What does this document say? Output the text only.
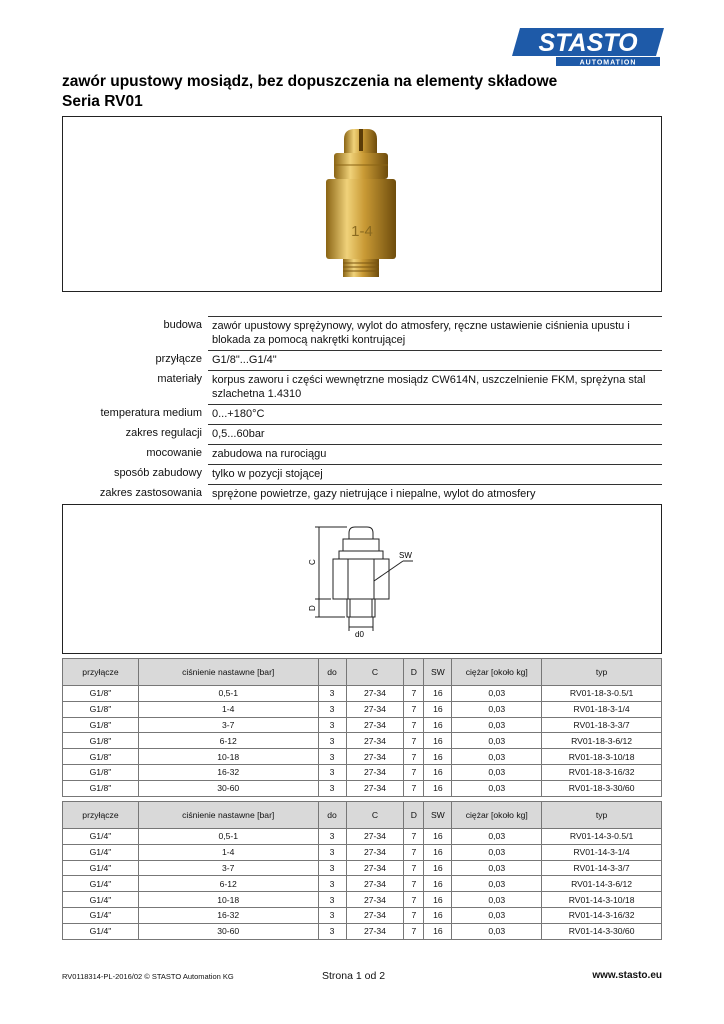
STASTO
AUTOMATION
zawór upustowy mosiądz, bez dopuszczenia na elementy składowe
Seria RV01
1-4
budowa zawór upustowy sprężynowy, wylot do atmosfery, ręczne ustawienie ciśnienia upustu i blokada za pomocą nakrętki kontrującej
przyłącze G1/8"...G1/4"
materiały korpus zaworu i części wewnętrzne mosiądz CW614N, uszczelnienie FKM, sprężyna stal szlachetna 1.4310
temperatura medium 0...+180°C
zakres regulacji 0,5...60bar
mocowanie zabudowa na rurociągu
sposób zabudowy tylko w pozycji stojącej
zakres zastosowania sprężone powietrze, gazy nietrujące i niepalne, wylot do atmosfery
C
D
SW
d0
przyłącze	ciśnienie nastawne [bar]	do	C	D	SW	ciężar [około kg]	typ
G1/8"	0,5-1	3	27-34	7	16	0,03	RV01-18-3-0.5/1
G1/8"	1-4	3	27-34	7	16	0,03	RV01-18-3-1/4
G1/8"	3-7	3	27-34	7	16	0,03	RV01-18-3-3/7
G1/8"	6-12	3	27-34	7	16	0,03	RV01-18-3-6/12
G1/8"	10-18	3	27-34	7	16	0,03	RV01-18-3-10/18
G1/8"	16-32	3	27-34	7	16	0,03	RV01-18-3-16/32
G1/8"	30-60	3	27-34	7	16	0,03	RV01-18-3-30/60
przyłącze	ciśnienie nastawne [bar]	do	C	D	SW	ciężar [około kg]	typ
G1/4"	0,5-1	3	27-34	7	16	0,03	RV01-14-3-0.5/1
G1/4"	1-4	3	27-34	7	16	0,03	RV01-14-3-1/4
G1/4"	3-7	3	27-34	7	16	0,03	RV01-14-3-3/7
G1/4"	6-12	3	27-34	7	16	0,03	RV01-14-3-6/12
G1/4"	10-18	3	27-34	7	16	0,03	RV01-14-3-10/18
G1/4"	16-32	3	27-34	7	16	0,03	RV01-14-3-16/32
G1/4"	30-60	3	27-34	7	16	0,03	RV01-14-3-30/60
RV0118314-PL-2016/02 © STASTO Automation KG	Strona 1 od 2	www.stasto.eu
